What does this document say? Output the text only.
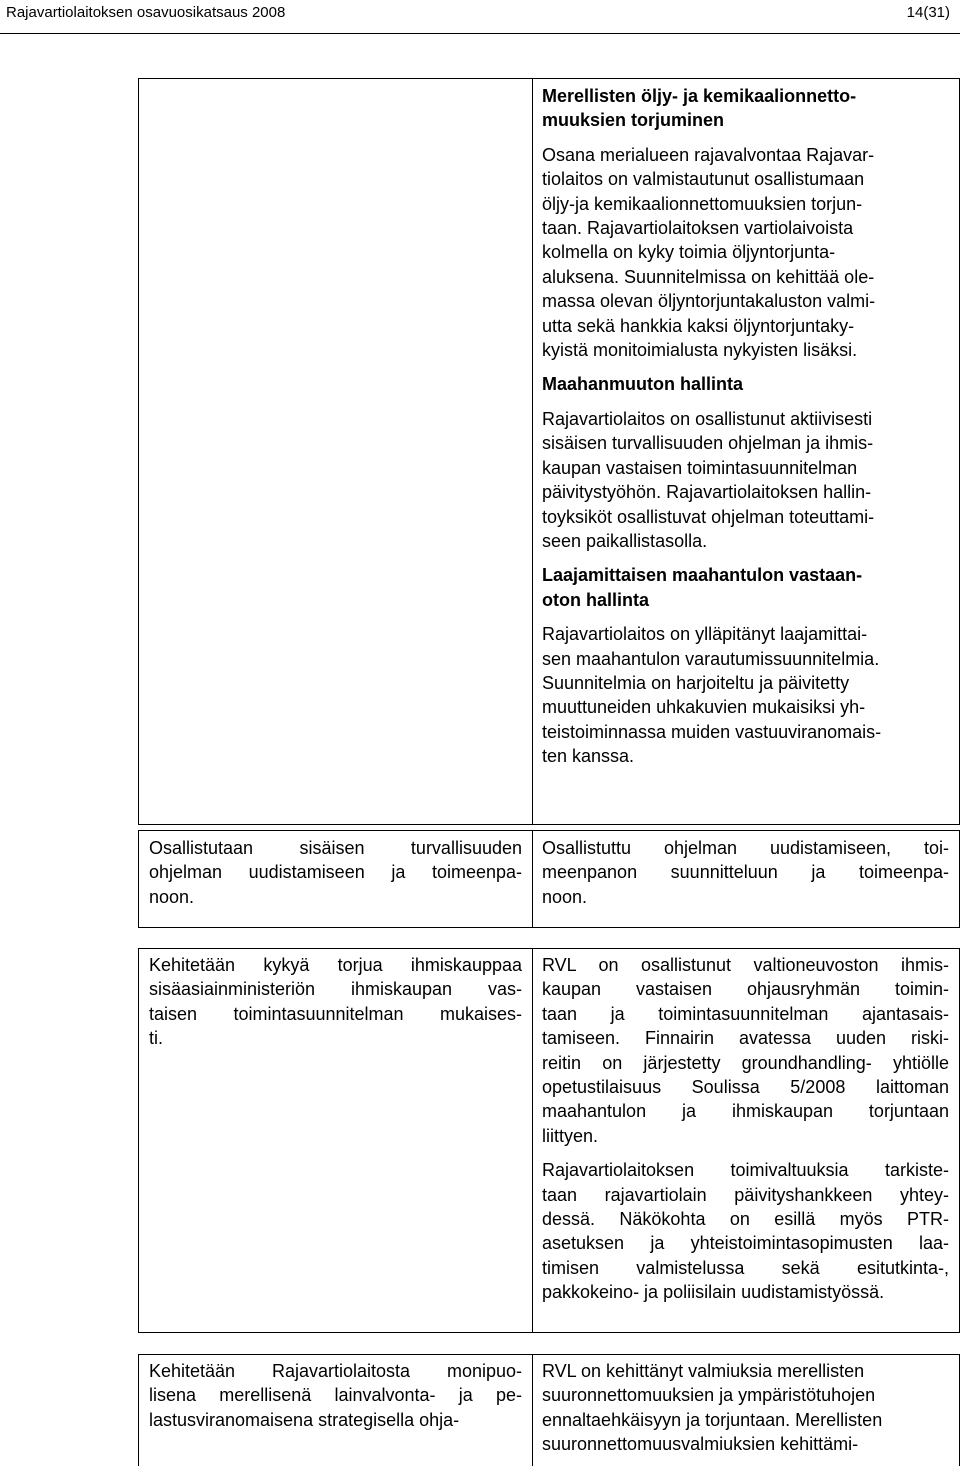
Rajavartiolaitoksen osavuosikatsaus 2008	14(31)
Merellisten öljy- ja kemikaalionnetto-
muuksien torjuminen
Osana merialueen rajavalvontaa Rajavar-
tiolaitos on valmistautunut osallistumaan
öljy-ja kemikaalionnettomuuksien torjun-
taan. Rajavartiolaitoksen vartiolaivoista
kolmella on kyky toimia öljyntorjunta-
aluksena. Suunnitelmissa on kehittää ole-
massa olevan öljyntorjuntakaluston valmi-
utta sekä hankkia kaksi öljyntorjuntaky-
kyistä monitoimialusta nykyisten lisäksi.
Maahanmuuton hallinta
Rajavartiolaitos on osallistunut aktiivisesti
sisäisen turvallisuuden ohjelman ja ihmis-
kaupan vastaisen toimintasuunnitelman
päivitystyöhön. Rajavartiolaitoksen hallin-
toyksiköt osallistuvat ohjelman toteuttami-
seen paikallistasolla.
Laajamittaisen maahantulon vastaan-
oton hallinta
Rajavartiolaitos on ylläpitänyt laajamittai-
sen maahantulon varautumissuunnitelmia.
Suunnitelmia on harjoiteltu ja päivitetty
muuttuneiden uhkakuvien mukaisiksi yh-
teistoiminnassa muiden vastuuviranomais-
ten kanssa.
Osallistutaan sisäisen turvallisuuden
ohjelman uudistamiseen ja toimeenpa-
noon.
Osallistuttu ohjelman uudistamiseen, toi-
meenpanon suunnitteluun ja toimeenpa-
noon.
Kehitetään kykyä torjua ihmiskauppaa
sisäasiainministeriön ihmiskaupan vas-
taisen toimintasuunnitelman mukaises-
ti.
RVL on osallistunut valtioneuvoston ihmis-
kaupan vastaisen ohjausryhmän toimin-
taan ja toimintasuunnitelman ajantasais-
tamiseen. Finnairin avatessa uuden riski-
reitin on järjestetty groundhandling- yhtiölle
opetustilaisuus Soulissa 5/2008 laittoman
maahantulon ja ihmiskaupan torjuntaan
liittyen.
Rajavartiolaitoksen toimivaltuuksia tarkiste-
taan rajavartiolain päivityshankkeen yhtey-
dessä. Näkökohta on esillä myös PTR-
asetuksen ja yhteistoimintasopimusten laa-
timisen valmistelussa sekä esitutkinta-,
pakkokeino- ja poliisilain uudistamistyössä.
Kehitetään Rajavartiolaitosta monipuo-
lisena merellisenä lainvalvonta- ja pe-
lastusviranomaisena strategisella ohja-
RVL on kehittänyt valmiuksia merellisten
suuronnettomuuksien ja ympäristötuhojen
ennaltaehkäisyyn ja torjuntaan. Merellisten
suuronnettomuusvalmiuksien kehittämi-
